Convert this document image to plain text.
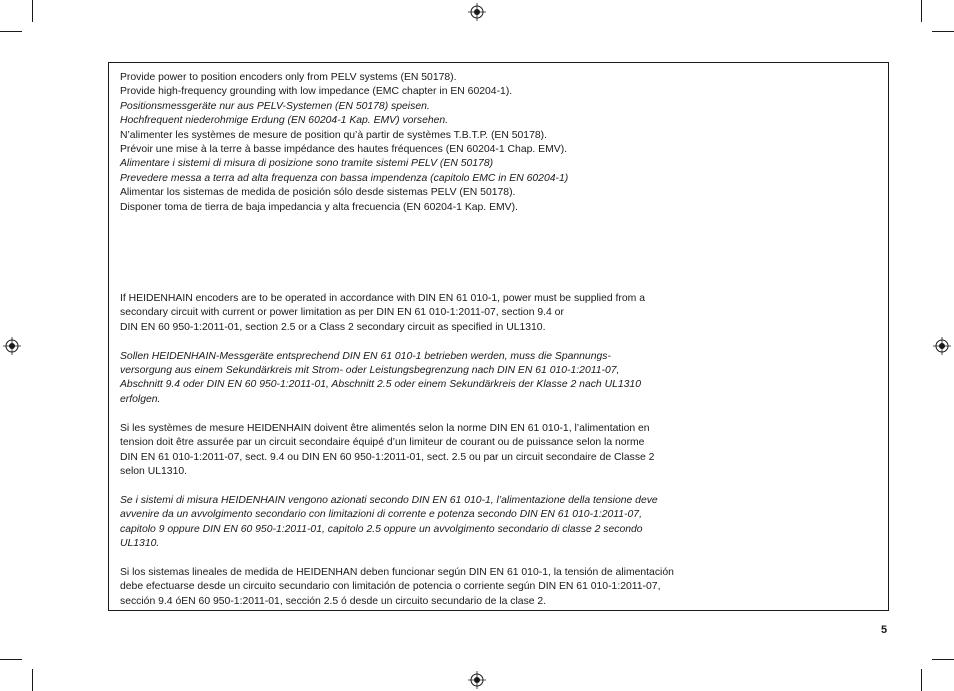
Provide power to position encoders only from PELV systems (EN 50178).

Provide high-frequency grounding with low impedance (EMC chapter in EN 60204-1).

Positionsmessgeräte nur aus PELV-Systemen (EN 50178) speisen.

Hochfrequent niederohmige Erdung (EN 60204-1 Kap. EMV) vorsehen.

N’alimenter les systèmes de mesure de position qu’à partir de systèmes T.B.T.P. (EN 50178).

Prévoir une mise à la terre à basse impédance des hautes fréquences (EN 60204-1 Chap. EMV).

Alimentare i sistemi di misura di posizione sono tramite sistemi PELV (EN 50178)

Prevedere messa a terra ad alta frequenza con bassa impendenza (capitolo EMC in EN 60204-1)

Alimentar los sistemas de medida de posición sólo desde sistemas PELV (EN 50178).

Disponer toma de tierra de baja impedancia y alta frecuencia (EN 60204-1 Kap. EMV).

If HEIDENHAIN encoders are to be operated in accordance with DIN EN 61 010-1, power must be supplied from a

secondary circuit with current or power limitation as per DIN EN 61 010-1:2011-07, section 9.4 or

DIN EN 60 950-1:2011-01, section 2.5 or a Class 2 secondary circuit as specified in UL1310.

Sollen HEIDENHAIN-Messgeräte entsprechend DIN EN 61 010-1 betrieben werden, muss die Spannungs-

versorgung aus einem Sekundärkreis mit Strom- oder Leistungsbegrenzung nach DIN EN 61 010-1:2011-07,

Abschnitt 9.4 oder DIN EN 60 950-1:2011-01, Abschnitt 2.5 oder einem Sekundärkreis der Klasse 2 nach UL1310

erfolgen.

Si les systèmes de mesure HEIDENHAIN doivent être alimentés selon la norme DIN EN 61 010-1, l’alimentation en

tension doit être assurée par un circuit secondaire équipé d’un limiteur de courant ou de puissance selon la norme

DIN EN 61 010-1:2011-07, sect. 9.4 ou DIN EN 60 950-1:2011-01, sect. 2.5 ou par un circuit secondaire de Classe 2

selon UL1310.

Se i sistemi di misura HEIDENHAIN vengono azionati secondo DIN EN 61 010-1, l’alimentazione della tensione deve

avvenire da un avvolgimento secondario con limitazioni di corrente e potenza secondo DIN EN 61 010-1:2011-07,

capitolo 9 oppure DIN EN 60 950-1:2011-01, capitolo 2.5 oppure un avvolgimento secondario di classe 2 secondo

UL1310.

Si los sistemas lineales de medida de HEIDENHAN deben funcionar según DIN EN 61 010-1, la tensión de alimentación

debe efectuarse desde un circuito secundario con limitación de potencia o corriente según DIN EN 61 010-1:2011-07,

sección 9.4 óEN 60 950-1:2011-01, sección 2.5 ó desde un circuito secundario de la clase 2.

5
